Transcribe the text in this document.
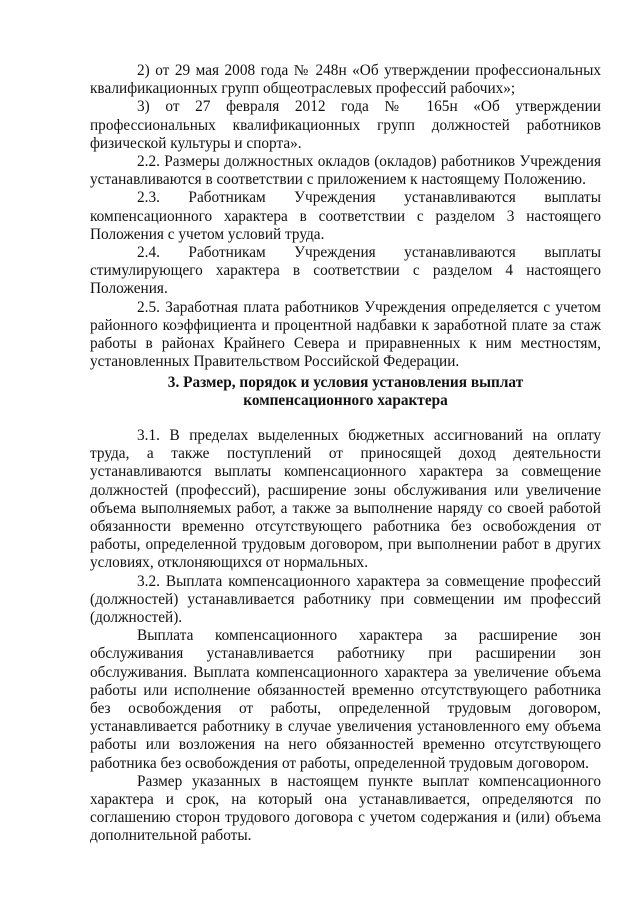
2) от 29 мая 2008 года № 248н «Об утверждении профессиональных квалификационных групп общеотраслевых профессий рабочих»;

3) от 27 февраля 2012 года № 165н «Об утверждении профессиональных квалификационных групп должностей работников физической культуры и спорта».

2.2. Размеры должностных окладов (окладов) работников Учреждения устанавливаются в соответствии с приложением к настоящему Положению.

2.3. Работникам Учреждения устанавливаются выплаты компенсационного характера в соответствии с разделом 3 настоящего Положения с учетом условий труда.

2.4. Работникам Учреждения устанавливаются выплаты стимулирующего характера в соответствии с разделом 4 настоящего Положения.

2.5. Заработная плата работников Учреждения определяется с учетом районного коэффициента и процентной надбавки к заработной плате за стаж работы в районах Крайнего Севера и приравненных к ним местностям, установленных Правительством Российской Федерации.

3. Размер, порядок и условия установления выплат
компенсационного характера

3.1. В пределах выделенных бюджетных ассигнований на оплату труда, а также поступлений от приносящей доход деятельности устанавливаются выплаты компенсационного характера за совмещение должностей (профессий), расширение зоны обслуживания или увеличение объема выполняемых работ, а также за выполнение наряду со своей работой обязанности временно отсутствующего работника без освобождения от работы, определенной трудовым договором, при выполнении работ в других условиях, отклоняющихся от нормальных.

3.2. Выплата компенсационного характера за совмещение профессий (должностей) устанавливается работнику при совмещении им профессий (должностей).

Выплата компенсационного характера за расширение зон обслуживания устанавливается работнику при расширении зон обслуживания. Выплата компенсационного характера за увеличение объема работы или исполнение обязанностей временно отсутствующего работника без освобождения от работы, определенной трудовым договором, устанавливается работнику в случае увеличения установленного ему объема работы или возложения на него обязанностей временно отсутствующего работника без освобождения от работы, определенной трудовым договором.

Размер указанных в настоящем пункте выплат компенсационного характера и срок, на который она устанавливается, определяются по соглашению сторон трудового договора с учетом содержания и (или) объема дополнительной работы.
